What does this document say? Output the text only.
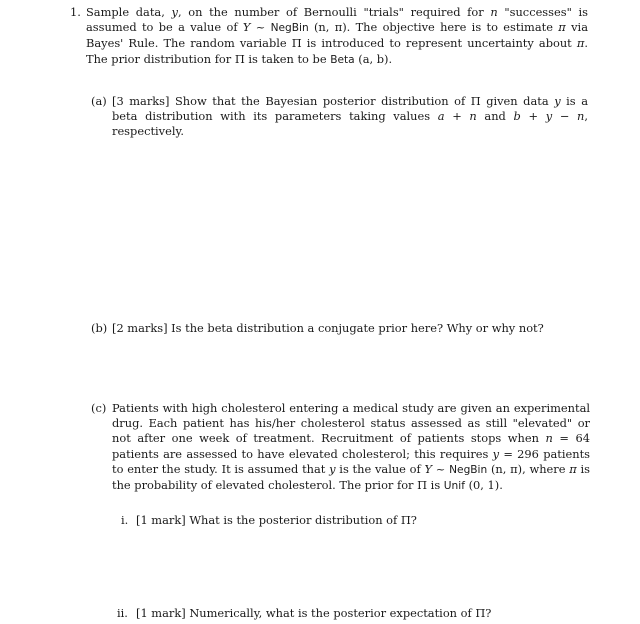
1. Sample data, y, on the number of Bernoulli "trials" required for n "successes" is assumed to be a value of Y ~ NegBin (n, π). The objective here is to estimate π via Bayes' Rule. The random variable Π is introduced to represent uncertainty about π. The prior distribution for Π is taken to be Beta (a, b).

(a) [3 marks] Show that the Bayesian posterior distribution of Π given data y is a beta distribution with its parameters taking values a + n and b + y − n, respectively.

(b) [2 marks] Is the beta distribution a conjugate prior here? Why or why not?

(c) Patients with high cholesterol entering a medical study are given an experimental drug. Each patient has his/her cholesterol status assessed as still "elevated" or not after one week of treatment. Recruitment of patients stops when n = 64 patients are assessed to have elevated cholesterol; this requires y = 296 patients to enter the study. It is assumed that y is the value of Y ~ NegBin (n, π), where π is the probability of elevated cholesterol. The prior for Π is Unif (0, 1).

i. [1 mark] What is the posterior distribution of Π?

ii. [1 mark] Numerically, what is the posterior expectation of Π?
